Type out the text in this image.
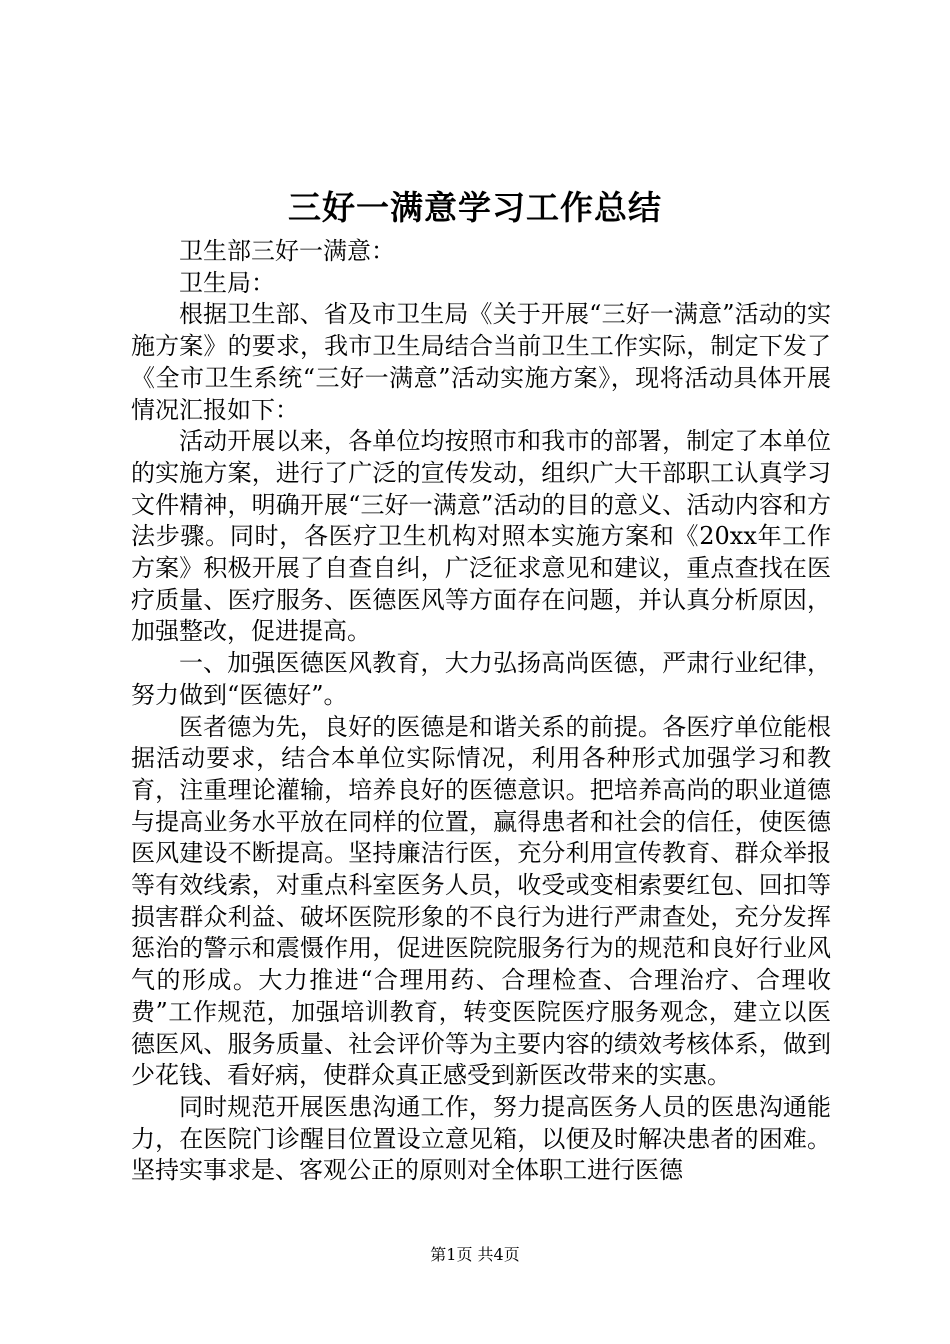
三好一满意学习工作总结

卫生部三好一满意：

卫生局：

根据卫生部、省及市卫生局《关于开展“三好一满意”活动的实施方案》的要求，我市卫生局结合当前卫生工作实际，制定下发了《全市卫生系统“三好一满意”活动实施方案》，现将活动具体开展情况汇报如下：

活动开展以来，各单位均按照市和我市的部署，制定了本单位的实施方案，进行了广泛的宣传发动，组织广大干部职工认真学习文件精神，明确开展“三好一满意”活动的目的意义、活动内容和方法步骤。同时，各医疗卫生机构对照本实施方案和《20xx年工作方案》积极开展了自查自纠，广泛征求意见和建议，重点查找在医疗质量、医疗服务、医德医风等方面存在问题，并认真分析原因，加强整改，促进提高。

一、加强医德医风教育，大力弘扬高尚医德，严肃行业纪律，努力做到“医德好”。

医者德为先，良好的医德是和谐关系的前提。各医疗单位能根据活动要求，结合本单位实际情况，利用各种形式加强学习和教育，注重理论灌输，培养良好的医德意识。把培养高尚的职业道德与提高业务水平放在同样的位置，赢得患者和社会的信任，使医德医风建设不断提高。坚持廉洁行医，充分利用宣传教育、群众举报等有效线索，对重点科室医务人员，收受或变相索要红包、回扣等损害群众利益、破坏医院形象的不良行为进行严肃查处，充分发挥惩治的警示和震慑作用，促进医院院服务行为的规范和良好行业风气的形成。大力推进“合理用药、合理检查、合理治疗、合理收费”工作规范，加强培训教育，转变医院医疗服务观念，建立以医德医风、服务质量、社会评价等为主要内容的绩效考核体系，做到少花钱、看好病，使群众真正感受到新医改带来的实惠。

同时规范开展医患沟通工作，努力提高医务人员的医患沟通能力，在医院门诊醒目位置设立意见箱，以便及时解决患者的困难。坚持实事求是、客观公正的原则对全体职工进行医德

第1页 共4页
